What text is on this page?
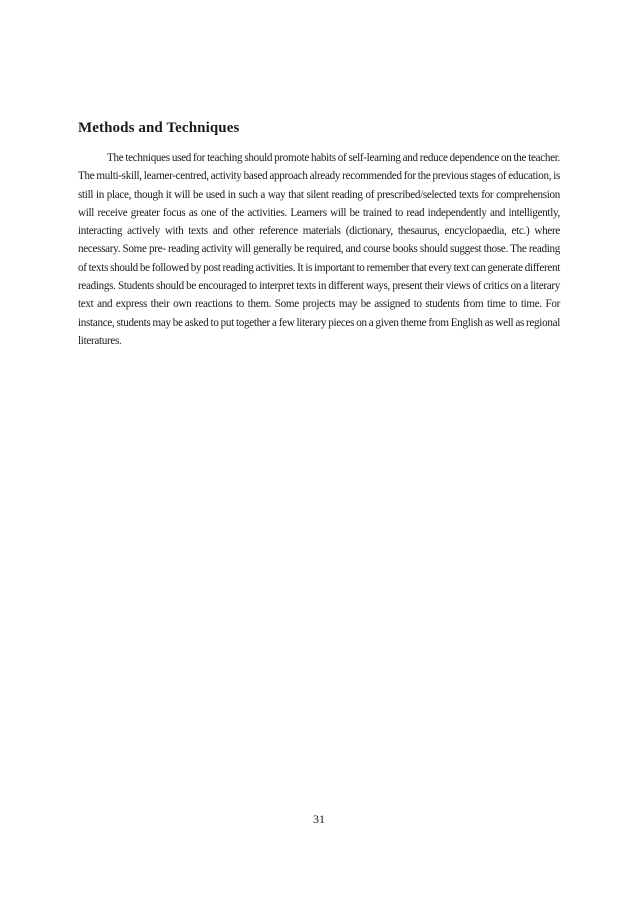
Methods and Techniques

The techniques used for teaching should promote habits of self-learning and reduce dependence on the teacher. The multi-skill, learner-centred, activity based approach already recommended for the previous stages of education, is still in place, though it will be used in such a way that silent reading of prescribed/selected texts for comprehension will receive greater focus as one of the activities. Learners will be trained to read independently and intelligently, interacting actively with texts and other reference materials (dictionary, thesaurus, encyclopaedia, etc.) where necessary. Some pre- reading activity will generally be required, and course books should suggest those. The reading of texts should be followed by post reading activities. It is important to remember that every text can generate different readings. Students should be encouraged to interpret texts in different ways, present their views of critics on a literary text and express their own reactions to them. Some projects may be assigned to students from time to time. For instance, students may be asked to put together a few literary pieces on a given theme from English as well as regional literatures.

31
